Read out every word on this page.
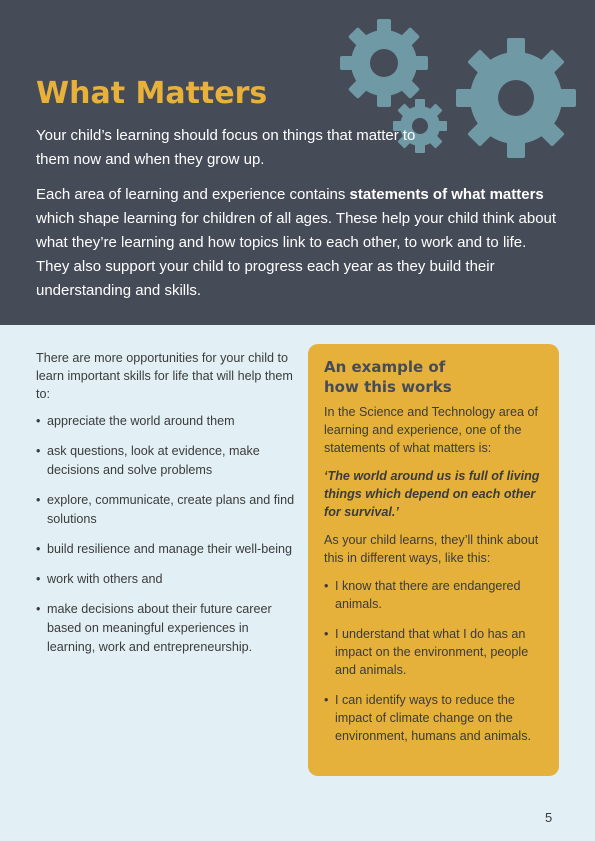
What Matters

Your child’s learning should focus on things that matter to them now and when they grow up.

Each area of learning and experience contains statements of what matters which shape learning for children of all ages. These help your child think about what they’re learning and how topics link to each other, to work and to life. They also support your child to progress each year as they build their understanding and skills.

There are more opportunities for your child to learn important skills for life that will help them to:

• appreciate the world around them
• ask questions, look at evidence, make decisions and solve problems
• explore, communicate, create plans and find solutions
• build resilience and manage their well-being
• work with others and
• make decisions about their future career based on meaningful experiences in learning, work and entrepreneurship.
An example of
how this works

In the Science and Technology area of learning and experience, one of the statements of what matters is:

‘The world around us is full of living things which depend on each other for survival.’

As your child learns, they’ll think about this in different ways, like this:

• I know that there are endangered animals.
• I understand that what I do has an impact on the environment, people and animals.
• I can identify ways to reduce the impact of climate change on the environment, humans and animals.
5
